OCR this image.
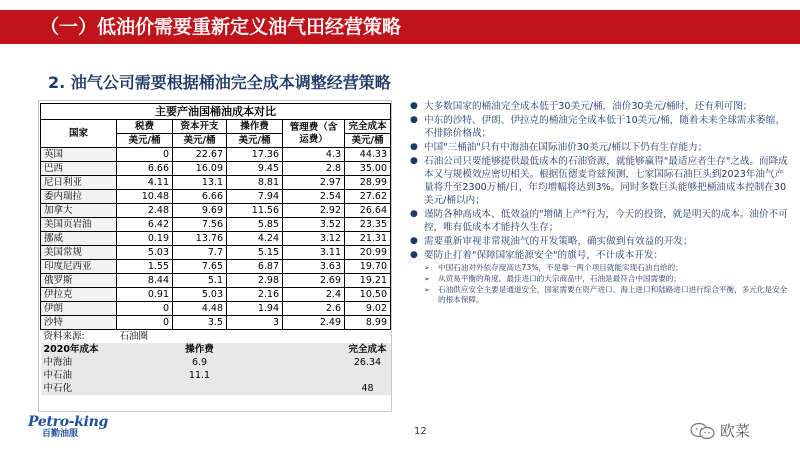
（一）低油价需要重新定义油气田经营策略
2. 油气公司需要根据桶油完全成本调整经营策略
主要产油国桶油成本对比					
国家	税费	资本开支	操作费	管理费（含运费）	完全成本
	美元/桶	美元/桶	美元/桶		美元/桶
英国	0	22.67	17.36	4.3	44.33
巴西	6.66	16.09	9.45	2.8	35.00
尼日利亚	4.11	13.1	8.81	2.97	28.99
委内瑞拉	10.48	6.66	7.94	2.54	27.62
加拿大	2.48	9.69	11.56	2.92	26.64
美国页岩油	6.42	7.56	5.85	3.52	23.35
挪威	0.19	13.76	4.24	3.12	21.31
美国常规	5.03	7.7	5.15	3.11	20.99
印度尼西亚	1.55	7.65	6.87	3.63	19.70
俄罗斯	8.44	5.1	2.98	2.69	19.21
伊拉克	0.91	5.03	2.16	2.4	10.50
伊朗	0	4.48	1.94	2.6	9.02
沙特	0	3.5	3	2.49	8.99
资料来源:	石油圈				
2020年成本		操作费			完全成本
中海油		6.9			26.34
中石油		11.1			
中石化					48
● 大多数国家的桶油完全成本低于30美元/桶，油价30美元/桶时，还有利可图；
● 中东的沙特、伊朗、伊拉克的桶油完全成本低于10美元/桶，随着未来全球需求萎缩、不排除价格战；
● 中国"三桶油"只有中海油在国际油价30美元/桶以下仍有生存能力；
● 石油公司只要能够提供最低成本的石油资源，就能够赢得"最适应者生存"之战。而降成本又与规模效应密切相关。根据伍德麦肯兹预测，七家国际石油巨头到2023年油气产量将升至2300万桶/日，年均增幅将达到3%。同时多数巨头能够把桶油成本控制在30美元/桶以内；
● 谨防各种高成本、低效益的"增储上产"行为，今天的投资，就是明天的成本。油价不可控，唯有低成本才能持久生存；
● 需要重新审视非常规油气的开发策略，确实做到有效益的开发；
● 要防止打着"保障国家能源安全"的旗号，不计成本开发：
➢ 中国石油对外依存度高达73%，不是靠一两个项目就能实现石油自给的；
➢ 从贸易平衡的角度，最佳进口的大宗商品中，石油是最符合中国需要的；
➢ 石油供应安全主要是通道安全，国家需要在资产进口、海上进口和陆路进口进行综合平衡，多元化是安全的根本保障。
Petro-king
百勤油服	12	欧菜
